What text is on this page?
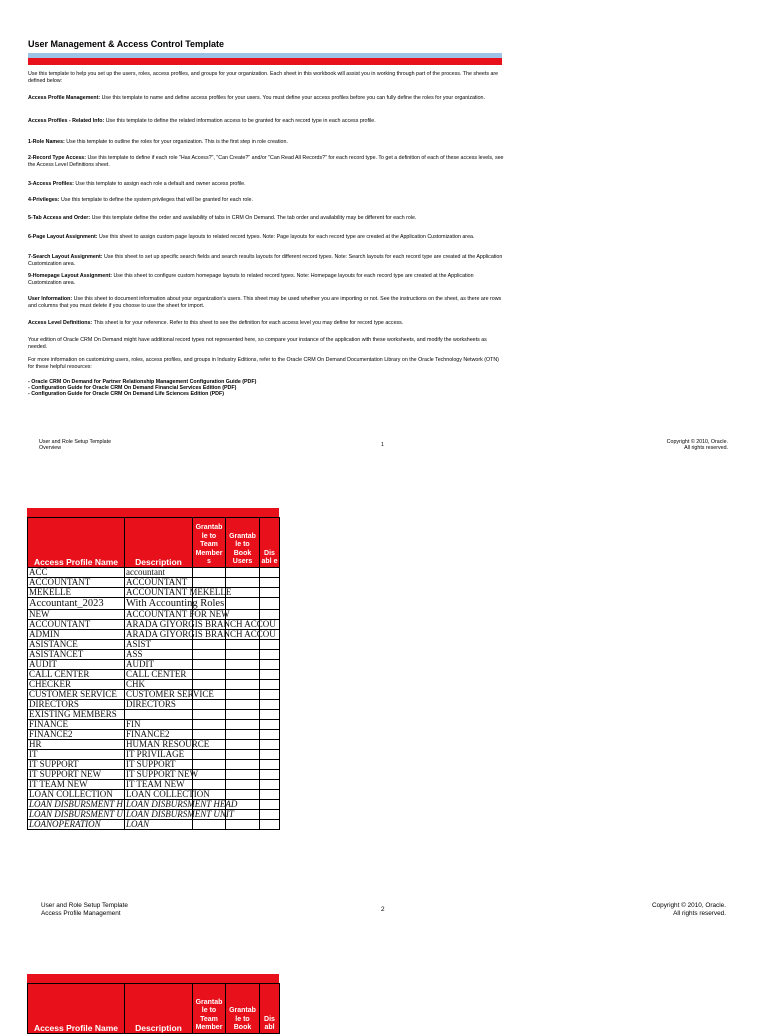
User Management & Access Control Template
Use this template to help you set up the users, roles, access profiles, and groups for your organization. Each sheet in this workbook will assist you in working through part of the process. The sheets are defined below:
Access Profile Management: Use this template to name and define access profiles for your users. You must define your access profiles before you can fully define the roles for your organization.
Access Profiles - Related Info: Use this template to define the related information access to be granted for each record type in each access profile.
1-Role Names: Use this template to outline the roles for your organization. This is the first step in role creation.
2-Record Type Access: Use this template to define if each role "Has Access?", "Can Create?" and/or "Can Read All Records?" for each record type. To get a definition of each of these access levels, see the Access Level Definitions sheet.
3-Access Profiles: Use this template to assign each role a default and owner access profile.
4-Privileges: Use this template to define the system privileges that will be granted for each role.
5-Tab Access and Order: Use this template define the order and availability of tabs in CRM On Demand. The tab order and availability may be different for each role.
6-Page Layout Assignment: Use this sheet to assign custom page layouts to related record types. Note: Page layouts for each record type are created at the Application Customization area.
7-Search Layout Assignment: Use this sheet to set up specific search fields and search results layouts for different record types. Note: Search layouts for each record type are created at the Application Customization area.
9-Homepage Layout Assignment: Use this sheet to configure custom homepage layouts to related record types. Note: Homepage layouts for each record type are created at the Application Customization area.
User Information: Use this sheet to document information about your organization's users. This sheet may be used whether you are importing or not. See the instructions on the sheet, as there are rows and columns that you must delete if you choose to use the sheet for import.
Access Level Definitions: This sheet is for your reference. Refer to this sheet to see the definition for each access level you may define for record type access.
Your edition of Oracle CRM On Demand might have additional record types not represented here, so compare your instance of the application with these worksheets, and modify the worksheets as needed.
For more information on customizing users, roles, access profiles, and groups in Industry Editions, refer to the Oracle CRM On Demand Documentation Library on the Oracle Technology Network (OTN) for these helpful resources:
- Oracle CRM On Demand for Partner Relationship Management Configuration Guide (PDF)
- Configuration Guide for Oracle CRM On Demand Financial Services Edition (PDF)
- Configuration Guide for Oracle CRM On Demand Life Sciences Edition (PDF)
User and Role Setup Template
Overview
1	Copyright © 2010, Oracle.
All rights reserved.
Access Profile Name	Description	Grantab le to Team Member s	Grantab le to Book Users	Dis abl e
ACC	accountant			
ACCOUNTANT	ACCOUNTANT			
MEKELLE	ACCOUNTANT MEKELLE			
Accountant_2023	With Accounting Roles			
NEW	ACCOUNTANT FOR NEW			
ACCOUNTANT	ARADA GIYORGIS BRANCH ACCOU			
ADMIN	ARADA GIYORGIS BRANCH ACCOU			
ASISTANCE	ASIST			
ASISTANCET	ASS			
AUDIT	AUDIT			
CALL CENTER	CALL CENTER			
CHECKER	CHK			
CUSTOMER SERVICE	CUSTOMER SERVICE			
DIRECTORS	DIRECTORS			
EXISTING MEMBERS				
FINANCE	FIN			
FINANCE2	FINANCE2			
HR	HUMAN RESOURCE			
IT	IT PRIVILAGE			
IT SUPPORT	IT SUPPORT			
IT SUPPORT NEW	IT SUPPORT NEW			
IT TEAM NEW	IT TEAM NEW			
LOAN COLLECTION	LOAN COLLECTION			
LOAN DISBURSMENT H	LOAN DISBURSMENT HEAD			
LOAN DISBURSMENT U	LOAN DISBURSMENT UNIT			
LOANOPERATION	LOAN			
User and Role Setup Template
Access Profile Management
2
Copyright © 2010, Oracle.
All rights reserved.
Access Profile Name	Description	Grantab le to Team Member	Grantab le to Book	Dis abl
